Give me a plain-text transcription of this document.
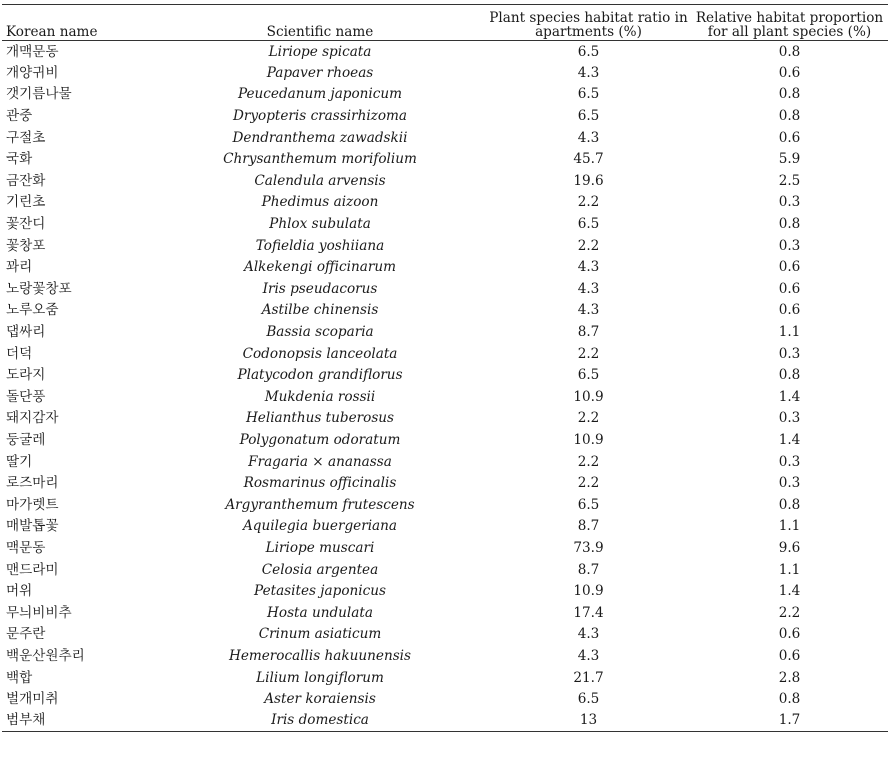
Korean name	Scientific name	Plant species habitat ratio in apartments (%)	Relative habitat proportion for all plant species (%)
개맥문동	Liriope spicata	6.5	0.8
개양귀비	Papaver rhoeas	4.3	0.6
갯기름나물	Peucedanum japonicum	6.5	0.8
관중	Dryopteris crassirhizoma	6.5	0.8
구절초	Dendranthema zawadskii	4.3	0.6
국화	Chrysanthemum morifolium	45.7	5.9
금잔화	Calendula arvensis	19.6	2.5
기린초	Phedimus aizoon	2.2	0.3
꽃잔디	Phlox subulata	6.5	0.8
꽃창포	Tofieldia yoshiiana	2.2	0.3
꽈리	Alkekengi officinarum	4.3	0.6
노랑꽃창포	Iris pseudacorus	4.3	0.6
노루오줌	Astilbe chinensis	4.3	0.6
댑싸리	Bassia scoparia	8.7	1.1
더덕	Codonopsis lanceolata	2.2	0.3
도라지	Platycodon grandiflorus	6.5	0.8
돌단풍	Mukdenia rossii	10.9	1.4
돼지감자	Helianthus tuberosus	2.2	0.3
둥굴레	Polygonatum odoratum	10.9	1.4
딸기	Fragaria × ananassa	2.2	0.3
로즈마리	Rosmarinus officinalis	2.2	0.3
마가렛트	Argyranthemum frutescens	6.5	0.8
매발톱꽃	Aquilegia buergeriana	8.7	1.1
맥문동	Liriope muscari	73.9	9.6
맨드라미	Celosia argentea	8.7	1.1
머위	Petasites japonicus	10.9	1.4
무늬비비추	Hosta undulata	17.4	2.2
문주란	Crinum asiaticum	4.3	0.6
백운산원추리	Hemerocallis hakuunensis	4.3	0.6
백합	Lilium longiflorum	21.7	2.8
벌개미취	Aster koraiensis	6.5	0.8
범부채	Iris domestica	13	1.7
